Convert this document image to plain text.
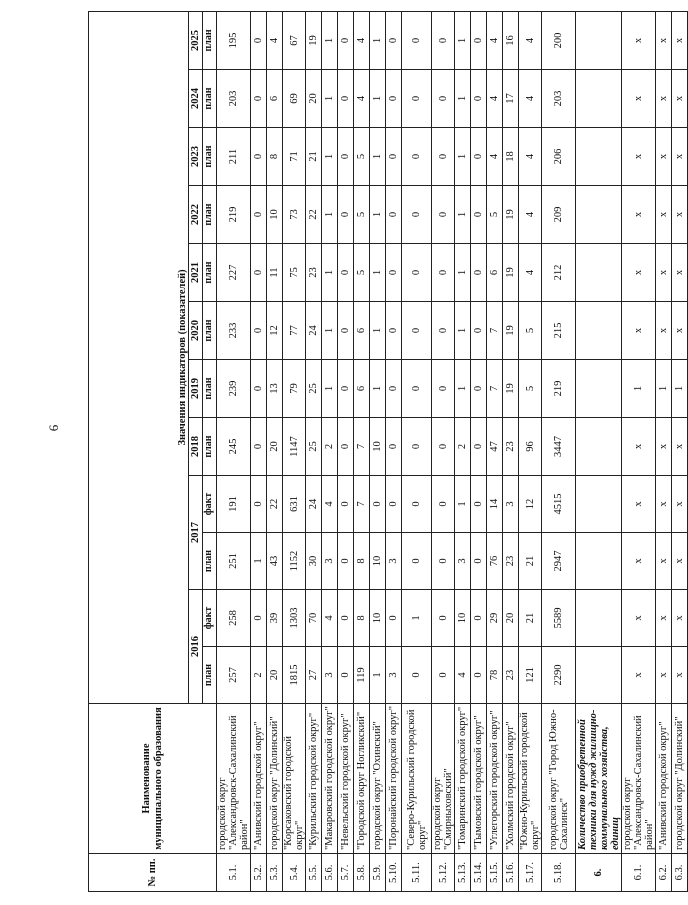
6
№ пп.	Наименование муниципального образования	Значения индикаторов (показателей)											
		2016		2017		2018	2019	2020	2021	2022	2023	2024	2025
		план	факт	план	факт	план	план	план	план	план	план	план	план
5.1.	городской округ "Александровск-Сахалинский район"	257	258	251	191	245	239	233	227	219	211	203	195
5.2.	"Анивский городской округ"	2	0	1	0	0	0	0	0	0	0	0	0
5.3.	городской округ "Долинский"	20	39	43	22	20	13	12	11	10	8	6	4
5.4.	"Корсаковский городской округ"	1815	1303	1152	631	1147	79	77	75	73	71	69	67
5.5.	"Курильский городской округ"	27	70	30	24	25	25	24	23	22	21	20	19
5.6.	"Макаровский городской округ"	3	4	3	4	2	1	1	1	1	1	1	1
5.7.	"Невельский городской округ"	0	0	0	0	0	0	0	0	0	0	0	0
5.8.	"Городской округ Ногликский"	119	8	8	7	7	6	6	5	5	5	4	4
5.9.	городской округ "Охинский"	1	10	10	0	10	1	1	1	1	1	1	1
5.10.	"Поронайский городской округ"	3	0	3	0	0	0	0	0	0	0	0	0
5.11.	"Северо-Курильский городской округ"	0	1	0	0	0	0	0	0	0	0	0	0
5.12.	городской округ "Смирныховский"	0	0	0	0	0	0	0	0	0	0	0	0
5.13.	"Томаринский городской округ"	4	10	3	1	2	1	1	1	1	1	1	1
5.14.	"Тымовский городской округ"	0	0	0	0	0	0	0	0	0	0	0	0
5.15.	"Углегорский городской округ"	78	29	76	14	47	7	7	6	5	4	4	4
5.16.	"Холмский городской округ"	23	20	23	3	23	19	19	19	19	18	17	16
5.17.	"Южно-Курильский городской округ"	121	21	21	12	96	5	5	4	4	4	4	4
5.18.	городской округ "Город Южно-Сахалинск"	2290	5589	2947	4515	3447	219	215	212	209	206	203	200
6.	Количество приобретенной техники для нужд жилищно-коммунального хозяйства, единиц												
6.1.	городской округ "Александровск-Сахалинский район"	x	x	x	x	x	1	x	x	x	x	x	x
6.2.	"Анивский городской округ"	x	x	x	x	x	1	x	x	x	x	x	x
6.3.	городской округ "Долинский"	x	x	x	x	x	1	x	x	x	x	x	x
